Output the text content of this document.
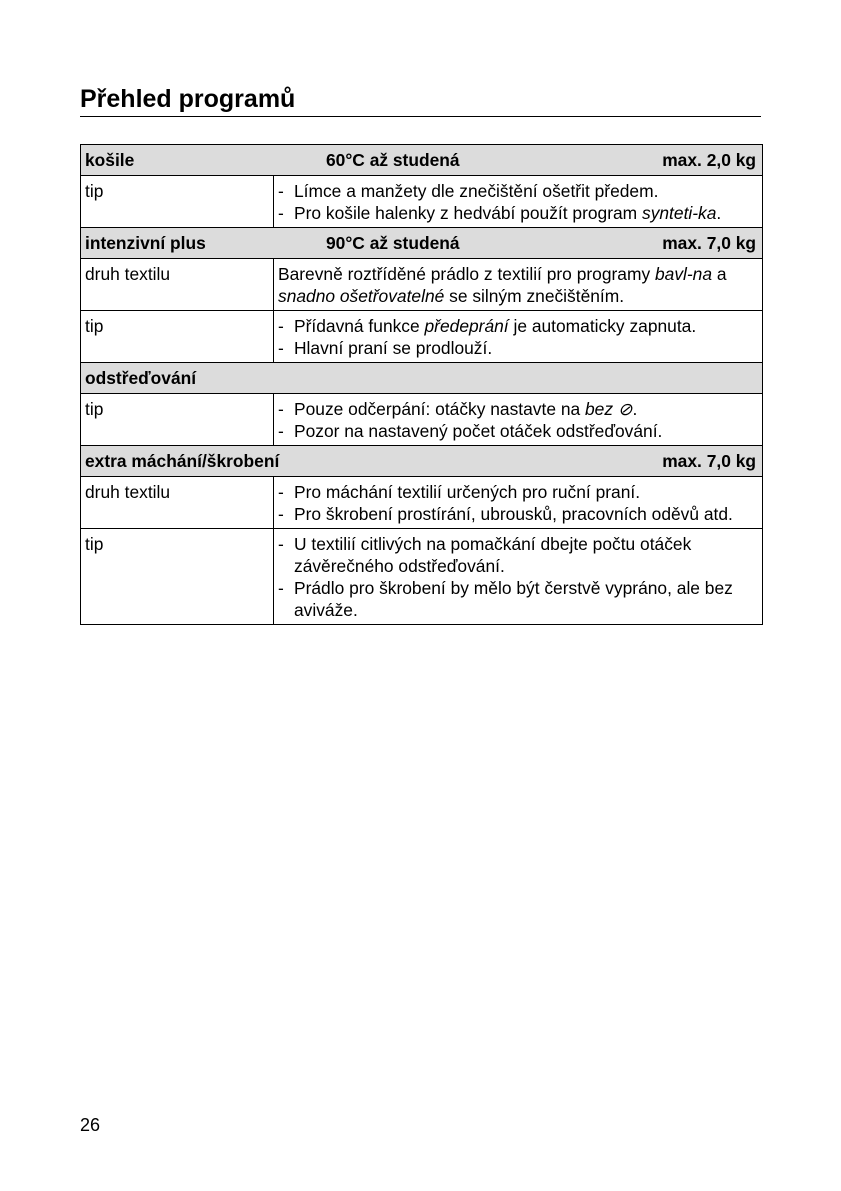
Přehled programů
košile	60°C až studená	max. 2,0 kg
tip	- Límce a manžety dle znečištění ošetřit předem.
- Pro košile halenky z hedvábí použít program synteti-ka.
intenzivní plus	90°C až studená	max. 7,0 kg
druh textilu	Barevně roztříděné prádlo z textilií pro programy bavl-na a snadno ošetřovatelné se silným znečištěním.
tip	- Přídavná funkce předeprání je automaticky zapnuta.
- Hlavní praní se prodlouží.
odstřeďování
tip	- Pouze odčerpání: otáčky nastavte na bez ⊘.
- Pozor na nastavený počet otáček odstřeďování.
extra máchání/škrobení	max. 7,0 kg
druh textilu	- Pro máchání textilií určených pro ruční praní.
- Pro škrobení prostírání, ubrousků, pracovních oděvů atd.
tip	- U textilií citlivých na pomačkání dbejte počtu otáček závěrečného odstřeďování.
- Prádlo pro škrobení by mělo být čerstvě vypráno, ale bez aviváže.
26
